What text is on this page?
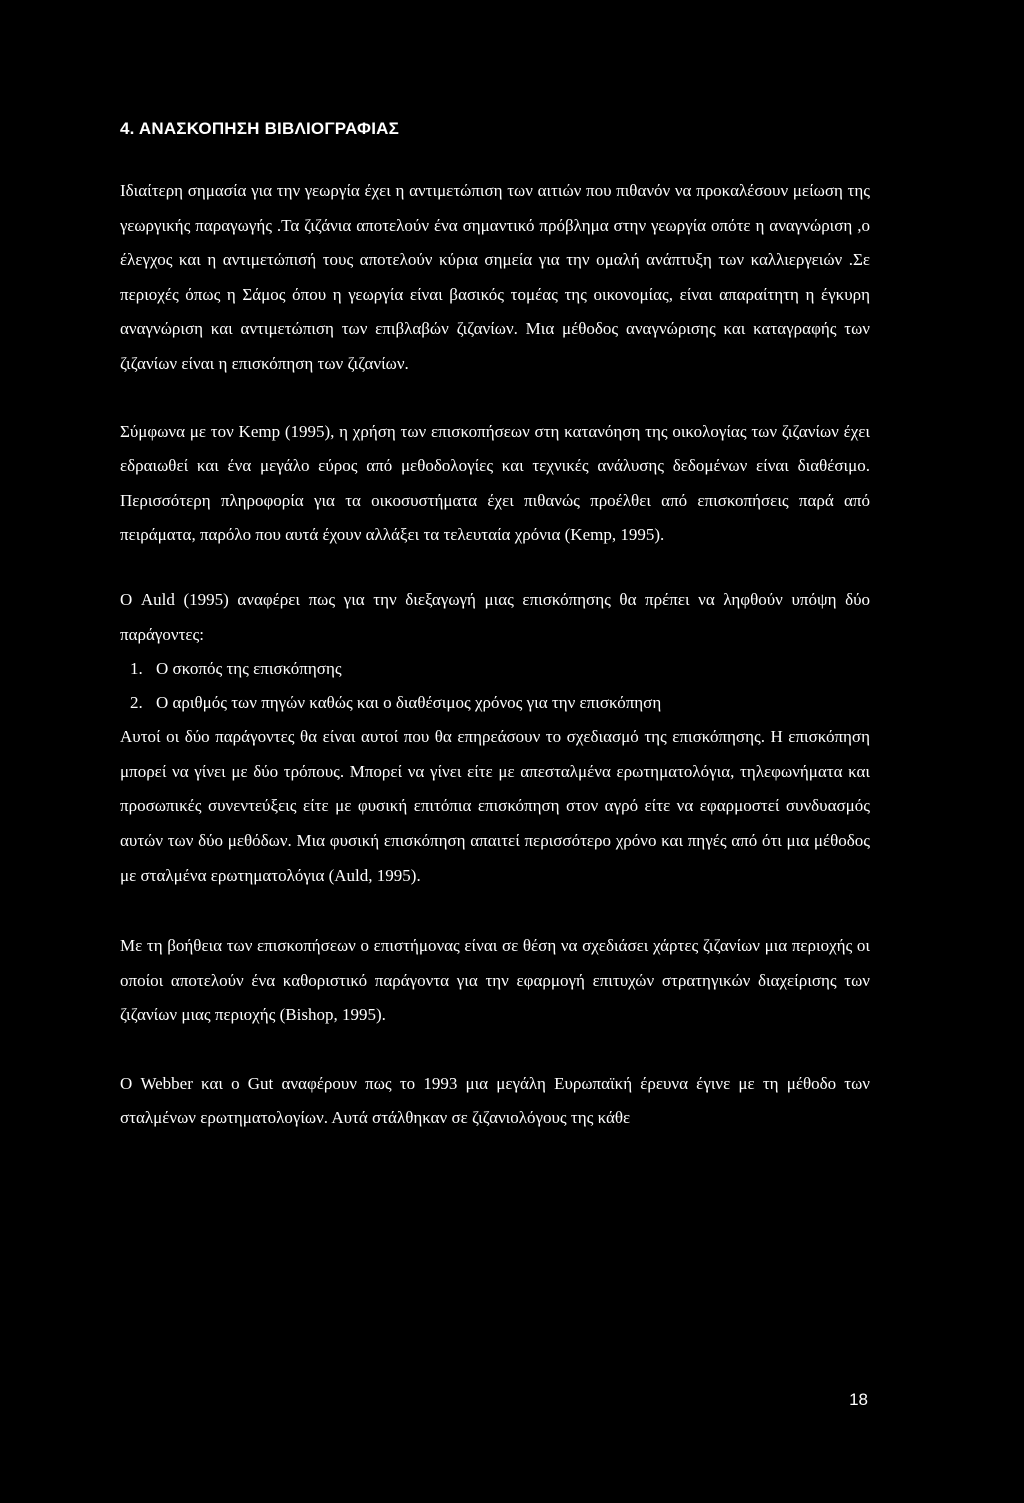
4. ΑΝΑΣΚΟΠΗΣΗ ΒΙΒΛΙΟΓΡΑΦΙΑΣ

Ιδιαίτερη σημασία για την γεωργία έχει η αντιμετώπιση των αιτιών που πιθανόν να προκαλέσουν μείωση της γεωργικής παραγωγής .Τα ζιζάνια αποτελούν ένα σημαντικό πρόβλημα στην γεωργία οπότε η αναγνώριση ,ο έλεγχος και η αντιμετώπισή τους αποτελούν κύρια σημεία για την ομαλή ανάπτυξη των καλλιεργειών .Σε περιοχές όπως η Σάμος όπου η γεωργία είναι βασικός τομέας της οικονομίας, είναι απαραίτητη η έγκυρη αναγνώριση και αντιμετώπιση των επιβλαβών ζιζανίων. Μια μέθοδος αναγνώρισης και καταγραφής των ζιζανίων είναι η επισκόπηση των ζιζανίων.

Σύμφωνα με τον Kemp (1995), η χρήση των επισκοπήσεων στη κατανόηση της οικολογίας των ζιζανίων έχει εδραιωθεί και ένα μεγάλο εύρος από μεθοδολογίες και τεχνικές ανάλυσης δεδομένων είναι διαθέσιμο. Περισσότερη πληροφορία για τα οικοσυστήματα έχει πιθανώς προέλθει από επισκοπήσεις παρά από πειράματα, παρόλο που αυτά έχουν αλλάξει τα τελευταία χρόνια (Kemp, 1995).

Ο Auld (1995) αναφέρει πως για την διεξαγωγή μιας επισκόπησης θα πρέπει να ληφθούν υπόψη δύο παράγοντες:

1. Ο σκοπός της επισκόπησης
2. Ο αριθμός των πηγών καθώς και ο διαθέσιμος χρόνος για την επισκόπηση

Αυτοί οι δύο παράγοντες θα είναι αυτοί που θα επηρεάσουν το σχεδιασμό της επισκόπησης. Η επισκόπηση μπορεί να γίνει με δύο τρόπους. Μπορεί να γίνει είτε με απεσταλμένα ερωτηματολόγια, τηλεφωνήματα και προσωπικές συνεντεύξεις είτε με φυσική επιτόπια επισκόπηση στον αγρό είτε να εφαρμοστεί συνδυασμός αυτών των δύο μεθόδων. Μια φυσική επισκόπηση απαιτεί περισσότερο χρόνο και πηγές από ότι μια μέθοδος με σταλμένα ερωτηματολόγια (Auld, 1995).

Με τη βοήθεια των επισκοπήσεων ο επιστήμονας είναι σε θέση να σχεδιάσει χάρτες ζιζανίων μια περιοχής οι οποίοι αποτελούν ένα καθοριστικό παράγοντα για την εφαρμογή επιτυχών στρατηγικών διαχείρισης των ζιζανίων μιας περιοχής (Bishop, 1995).

Ο Webber και ο Gut αναφέρουν πως το 1993 μια μεγάλη Ευρωπαϊκή έρευνα έγινε με τη μέθοδο των σταλμένων ερωτηματολογίων. Αυτά στάλθηκαν σε ζιζανιολόγους της κάθε

18
